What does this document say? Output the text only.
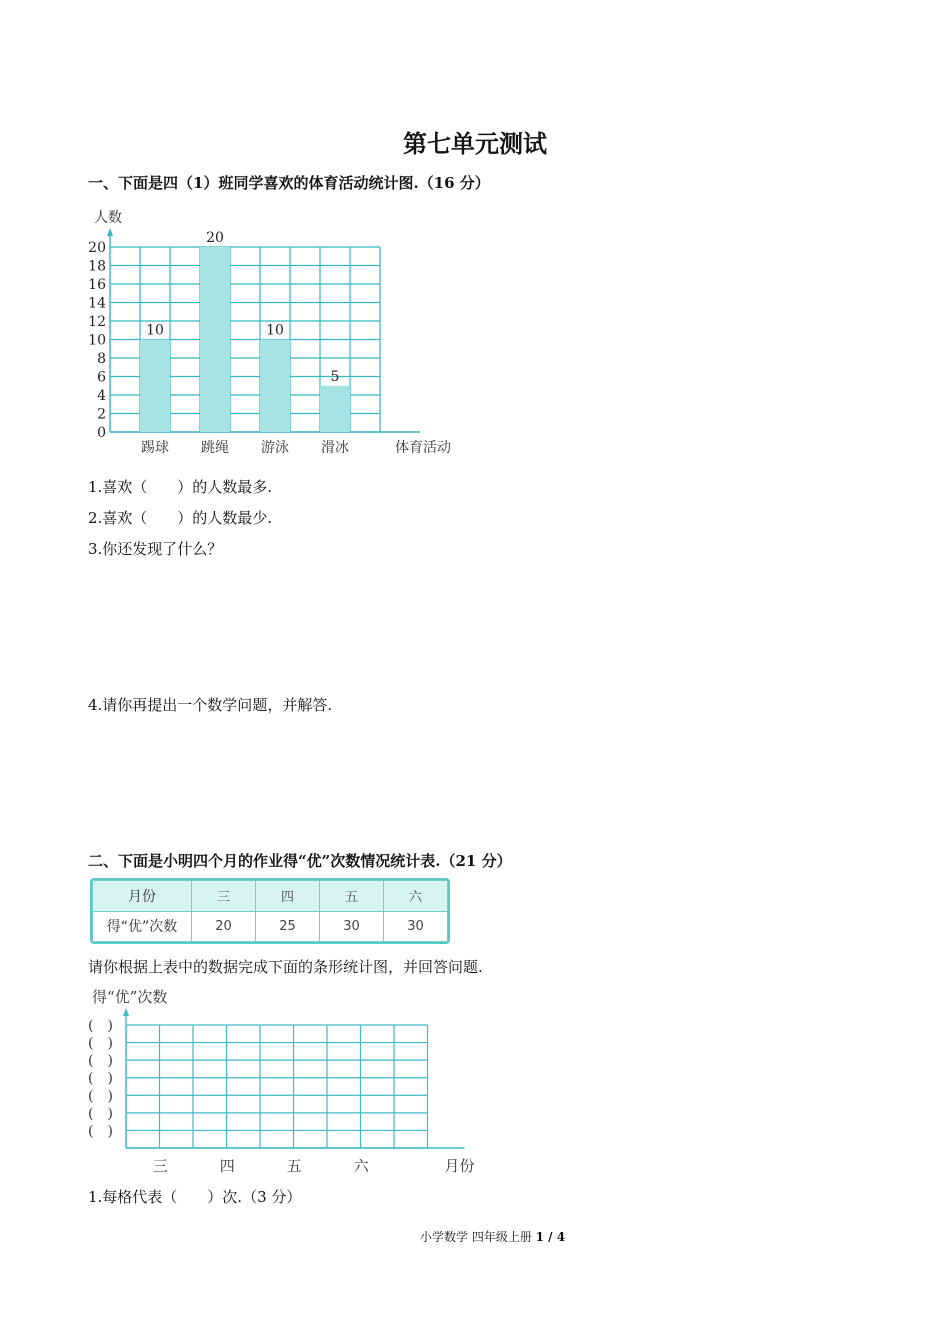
第七单元测试
一、下面是四（1）班同学喜欢的体育活动统计图.（16 分）
人数
0
2
4
6
8
10
12
14
16
18
20
10
踢球
20
跳绳
10
游泳
5
滑冰	体育活动
1.喜欢（　　）的人数最多.
2.喜欢（　　）的人数最少.
3.你还发现了什么？
4.请你再提出一个数学问题，并解答.
二、下面是小明四个月的作业得“优”次数情况统计表.（21 分）
月份	三	四	五	六
得“优”次数	20	25	30	30
请你根据上表中的数据完成下面的条形统计图，并回答问题.
得“优”次数
(　)
(　)
(　)
(　)
(　)
(　)
(　)
三	四	五	六	月份
1.每格代表（　　）次.（3 分）
小学数学 四年级上册 1 / 4
